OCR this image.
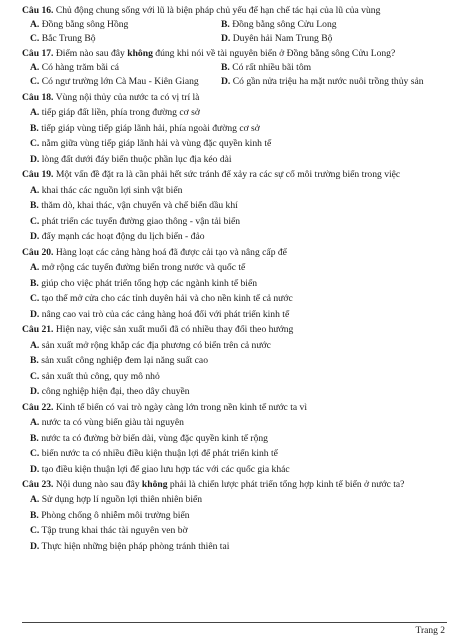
Câu 16. Chủ động chung sống với lũ là biện pháp chủ yếu để hạn chế tác hại của lũ của vùng

A. Đồng bằng sông Hồng	B. Đồng bằng sông Cửu Long
C. Bắc Trung Bộ	D. Duyên hải Nam Trung Bộ

Câu 17. Điểm nào sau đây không đúng khi nói về tài nguyên biển ở Đồng bằng sông Cửu Long?

A. Có hàng trăm bãi cá	B. Có rất nhiều bãi tôm
C. Có ngư trường lớn Cà Mau - Kiên Giang	D. Có gần nửa triệu ha mặt nước nuôi trồng thủy sản

Câu 18. Vùng nội thủy của nước ta có vị trí là

A. tiếp giáp đất liền, phía trong đường cơ sở
B. tiếp giáp vùng tiếp giáp lãnh hải, phía ngoài đường cơ sở
C. nằm giữa vùng tiếp giáp lãnh hải và vùng đặc quyền kinh tế
D. lòng đất dưới đáy biển thuộc phần lục địa kéo dài

Câu 19. Một vấn đề đặt ra là cần phải hết sức tránh để xảy ra các sự cố môi trường biển trong việc

A. khai thác các nguồn lợi sinh vật biển
B. thăm dò, khai thác, vận chuyển và chế biến dầu khí
C. phát triển các tuyến đường giao thông - vận tải biển
D. đẩy mạnh các hoạt động du lịch biển - đảo

Câu 20. Hàng loạt các cảng hàng hoá đã được cải tạo và nâng cấp để

A. mở rộng các tuyến đường biển trong nước và quốc tế
B. giúp cho việc phát triển tổng hợp các ngành kinh tế biển
C. tạo thế mở cửa cho các tỉnh duyên hải và cho nền kinh tế cả nước
D. nâng cao vai trò của các cảng hàng hoá đối với phát triển kinh tế

Câu 21. Hiện nay, việc sản xuất muối đã có nhiều thay đổi theo hướng

A. sản xuất mở rộng khắp các địa phương có biển trên cả nước
B. sản xuất công nghiệp đem lại năng suất cao
C. sản xuất thủ công, quy mô nhỏ
D. công nghiệp hiện đại, theo dây chuyền

Câu 22. Kinh tế biển có vai trò ngày càng lớn trong nền kinh tế nước ta vì

A. nước ta có vùng biển giàu tài nguyên
B. nước ta có đường bờ biển dài, vùng đặc quyền kinh tế rộng
C. biển nước ta có nhiều điều kiện thuận lợi để phát triển kinh tế
D. tạo điều kiện thuận lợi để giao lưu hợp tác với các quốc gia khác

Câu 23. Nội dung nào sau đây không phải là chiến lược phát triển tổng hợp kinh tế biển ở nước ta?

A. Sử dụng hợp lí nguồn lợi thiên nhiên biển
B. Phòng chống ô nhiễm môi trường biển
C. Tập trung khai thác tài nguyên ven bờ
D. Thực hiện những biện pháp phòng tránh thiên tai
Trang 2
